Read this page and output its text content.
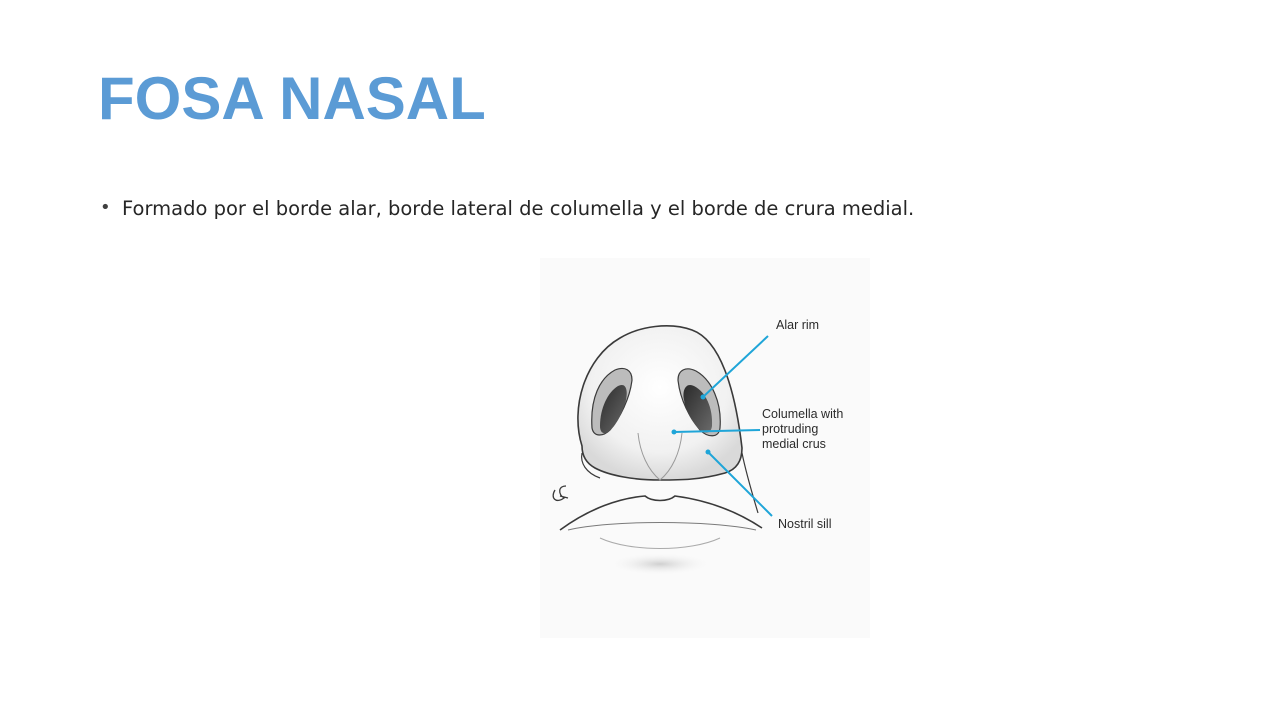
FOSA NASAL
• Formado por el borde alar, borde lateral de columella y el borde de crura medial.
Alar rim
Columella with
protruding
medial crus
Nostril sill
